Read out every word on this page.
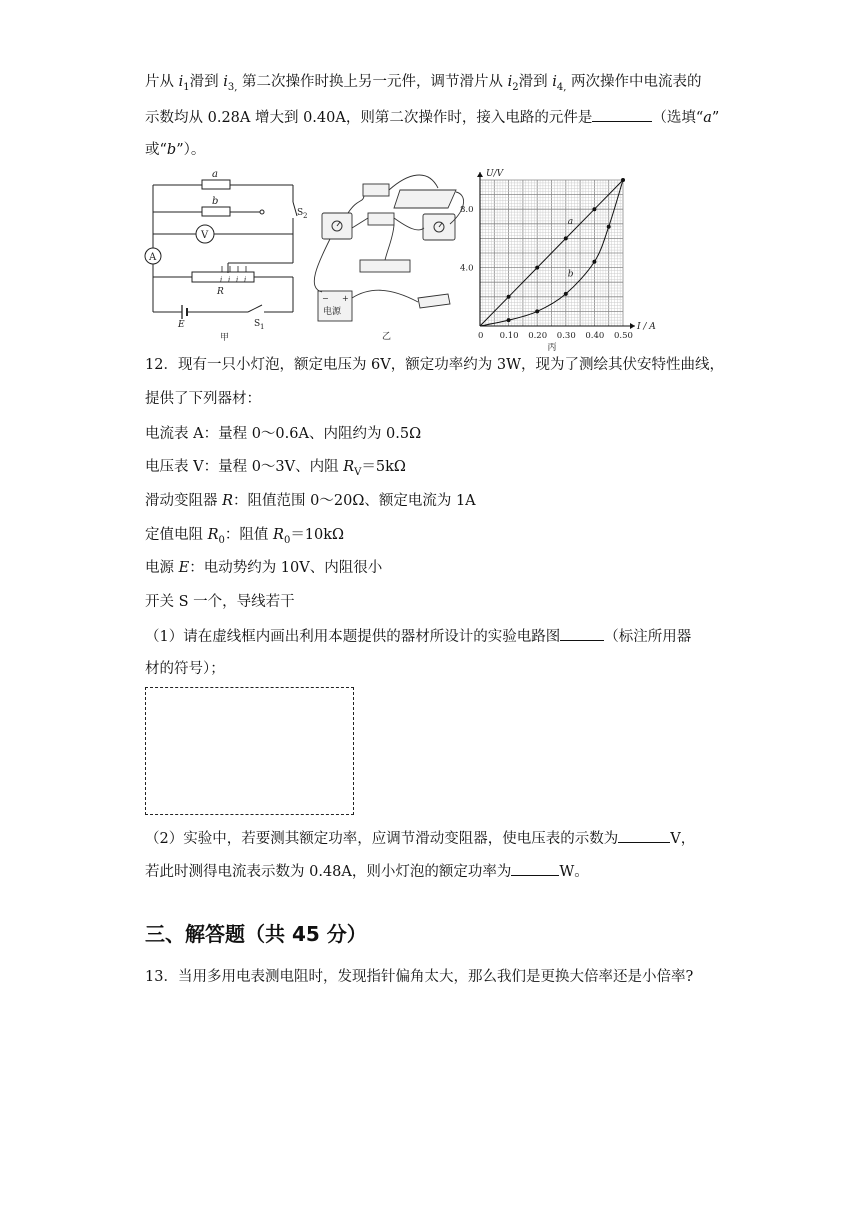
片从 $i_1$滑到 $i_{3,}$ 第二次操作时换上另一元件，调节滑片从 $i_2$滑到 $i_{4,}$ 两次操作中电流表的
示数均从 0.28A 增大到 0.40A，则第二次操作时，接入电路的元件是	（选填“a”
或“b”）。
A
V
a
b
S 2
R
E	S 1
甲
i i i i
电源
− +
乙	0 0.10 0.20 0.30 0.40 0.50
4.0
8.0
I / A
U/V
a
b
丙
12．现有一只小灯泡，额定电压为 6V，额定功率约为 3W，现为了测绘其伏安特性曲线，
提供了下列器材：
电流表 A：量程 0～0.6A、内阻约为 0.5Ω
电压表 V：量程 0～3V、内阻 $R_V=5k\Omega$
滑动变阻器 R：阻值范围 0～20Ω、额定电流为 1A
定值电阻 $R_0$：阻值 $R_0=10k\Omega$
电源 E：电动势约为 10V、内阻很小
开关 S 一个，导线若干
（1）请在虚线框内画出利用本题提供的器材所设计的实验电路图	（标注所用器
材的符号）；
（2）实验中，若要测其额定功率，应调节滑动变阻器，使电压表的示数为	V，
若此时测得电流表示数为 0.48A，则小灯泡的额定功率为	W。
三、解答题（共 45 分）
13．当用多用电表测电阻时，发现指针偏角太大，那么我们是更换大倍率还是小倍率?
